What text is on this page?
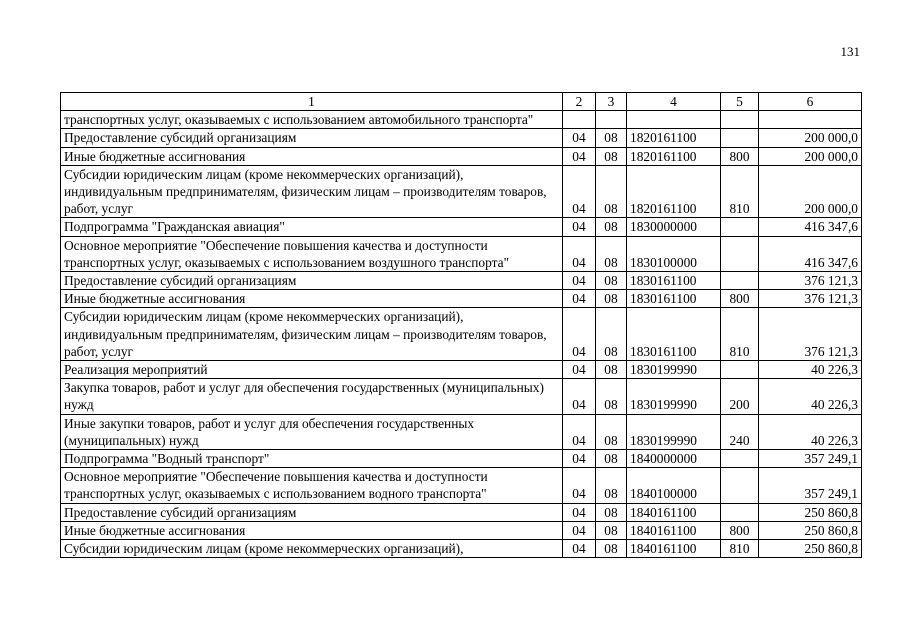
131
1	2	3	4	5	6
транспортных услуг, оказываемых с использованием автомобильного транспорта"					
Предоставление субсидий организациям	04	08	1820161100		200 000,0
Иные бюджетные ассигнования	04	08	1820161100	800	200 000,0
Субсидии юридическим лицам (кроме некоммерческих организаций), индивидуальным предпринимателям, физическим лицам – производителям товаров, работ, услуг	04	08	1820161100	810	200 000,0
Подпрограмма "Гражданская авиация"	04	08	1830000000		416 347,6
Основное мероприятие "Обеспечение повышения качества и доступности транспортных услуг, оказываемых с использованием воздушного транспорта"	04	08	1830100000		416 347,6
Предоставление субсидий организациям	04	08	1830161100		376 121,3
Иные бюджетные ассигнования	04	08	1830161100	800	376 121,3
Субсидии юридическим лицам (кроме некоммерческих организаций), индивидуальным предпринимателям, физическим лицам – производителям товаров, работ, услуг	04	08	1830161100	810	376 121,3
Реализация мероприятий	04	08	1830199990		40 226,3
Закупка товаров, работ и услуг для обеспечения государственных (муниципальных) нужд	04	08	1830199990	200	40 226,3
Иные закупки товаров, работ и услуг для обеспечения государственных (муниципальных) нужд	04	08	1830199990	240	40 226,3
Подпрограмма "Водный транспорт"	04	08	1840000000		357 249,1
Основное мероприятие "Обеспечение повышения качества и доступности транспортных услуг, оказываемых с использованием водного транспорта"	04	08	1840100000		357 249,1
Предоставление субсидий организациям	04	08	1840161100		250 860,8
Иные бюджетные ассигнования	04	08	1840161100	800	250 860,8
Субсидии юридическим лицам (кроме некоммерческих организаций),	04	08	1840161100	810	250 860,8
